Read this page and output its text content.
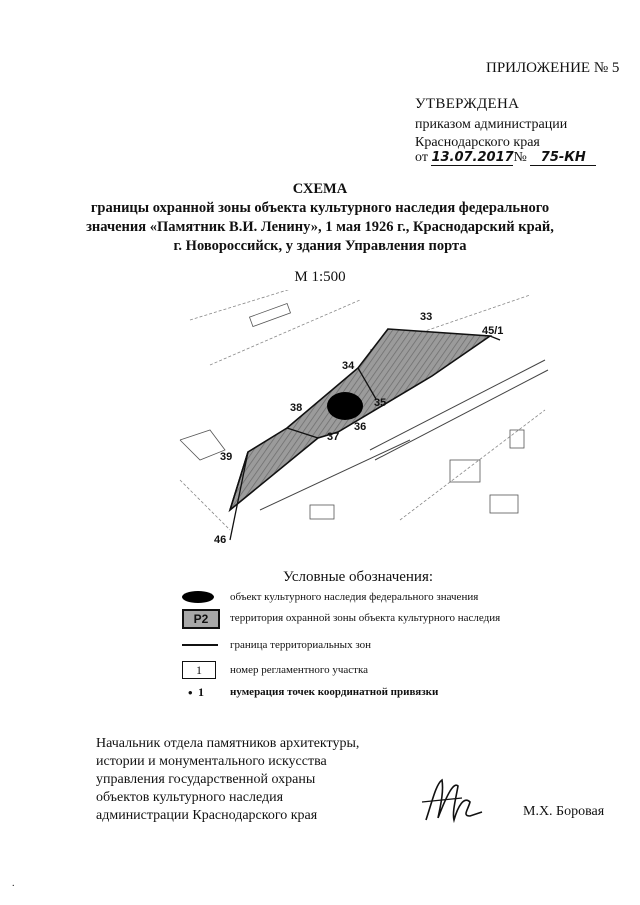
ПРИЛОЖЕНИЕ № 5
УТВЕРЖДЕНА
приказом администрации
Краснодарского края
от 13.07.2017№ 75-КН
СХЕМА
границы охранной зоны объекта культурного наследия федерального
значения «Памятник В.И. Ленину», 1 мая 1926 г., Краснодарский край,
г. Новороссийск, у здания Управления порта
М 1:500
33
45/1
34
35
36
37
38
39
46
Условные обозначения:
объект культурного наследия федерального значения
Р2	территория охранной зоны объекта культурного наследия
граница территориальных зон
1	номер регламентного участка
• 1 нумерация точек координатной привязки
Начальник отдела памятников архитектуры,
истории и монументального искусства
управления государственной охраны
объектов культурного наследия
администрации Краснодарского края	М.Х. Боровая
.
